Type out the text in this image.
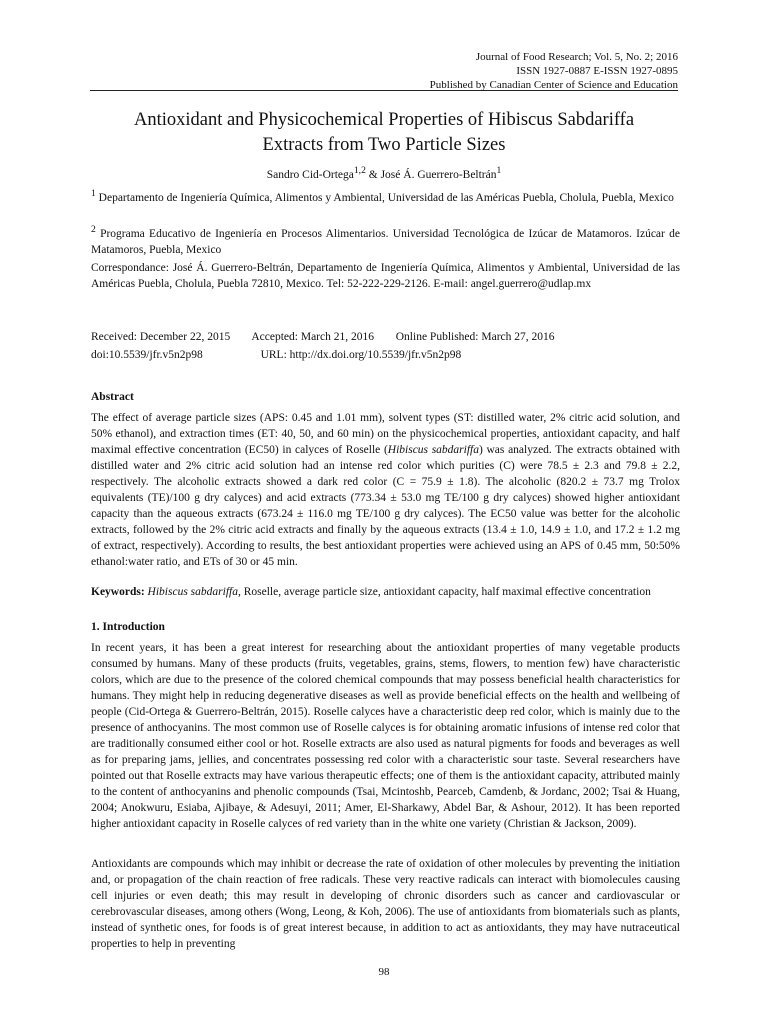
Journal of Food Research; Vol. 5, No. 2; 2016
ISSN 1927-0887 E-ISSN 1927-0895
Published by Canadian Center of Science and Education
Antioxidant and Physicochemical Properties of Hibiscus Sabdariffa
Extracts from Two Particle Sizes
Sandro Cid-Ortega$^{1,2}$ & José Á. Guerrero-Beltrán$^1$

$^1$ Departamento de Ingeniería Química, Alimentos y Ambiental, Universidad de las Américas Puebla, Cholula, Puebla, Mexico

$^2$ Programa Educativo de Ingeniería en Procesos Alimentarios. Universidad Tecnológica de Izúcar de Matamoros. Izúcar de Matamoros, Puebla, Mexico

Correspondance: José Á. Guerrero-Beltrán, Departamento de Ingeniería Química, Alimentos y Ambiental, Universidad de las Américas Puebla, Cholula, Puebla 72810, Mexico. Tel: 52-222-229-2126. E-mail: angel.guerrero@udlap.mx

Received: December 22, 2015 Accepted: March 21, 2016 Online Published: March 27, 2016
doi:10.5539/jfr.v5n2p98	URL: http://dx.doi.org/10.5539/jfr.v5n2p98
Abstract

The effect of average particle sizes (APS: 0.45 and 1.01 mm), solvent types (ST: distilled water, 2% citric acid solution, and 50% ethanol), and extraction times (ET: 40, 50, and 60 min) on the physicochemical properties, antioxidant capacity, and half maximal effective concentration (EC50) in calyces of Roselle (Hibiscus sabdariffa) was analyzed. The extracts obtained with distilled water and 2% citric acid solution had an intense red color which purities (C) were 78.5 ± 2.3 and 79.8 ± 2.2, respectively. The alcoholic extracts showed a dark red color (C = 75.9 ± 1.8). The alcoholic (820.2 ± 73.7 mg Trolox equivalents (TE)/100 g dry calyces) and acid extracts (773.34 ± 53.0 mg TE/100 g dry calyces) showed higher antioxidant capacity than the aqueous extracts (673.24 ± 116.0 mg TE/100 g dry calyces). The EC50 value was better for the alcoholic extracts, followed by the 2% citric acid extracts and finally by the aqueous extracts (13.4 ± 1.0, 14.9 ± 1.0, and 17.2 ± 1.2 mg of extract, respectively). According to results, the best antioxidant properties were achieved using an APS of 0.45 mm, 50:50% ethanol:water ratio, and ETs of 30 or 45 min.

Keywords: Hibiscus sabdariffa, Roselle, average particle size, antioxidant capacity, half maximal effective concentration

1. Introduction

In recent years, it has been a great interest for researching about the antioxidant properties of many vegetable products consumed by humans. Many of these products (fruits, vegetables, grains, stems, flowers, to mention few) have characteristic colors, which are due to the presence of the colored chemical compounds that may possess beneficial health characteristics for humans. They might help in reducing degenerative diseases as well as provide beneficial effects on the health and wellbeing of people (Cid-Ortega & Guerrero-Beltrán, 2015). Roselle calyces have a characteristic deep red color, which is mainly due to the presence of anthocyanins. The most common use of Roselle calyces is for obtaining aromatic infusions of intense red color that are traditionally consumed either cool or hot. Roselle extracts are also used as natural pigments for foods and beverages as well as for preparing jams, jellies, and concentrates possessing red color with a characteristic sour taste. Several researchers have pointed out that Roselle extracts may have various therapeutic effects; one of them is the antioxidant capacity, attributed mainly to the content of anthocyanins and phenolic compounds (Tsai, Mcintoshb, Pearceb, Camdenb, & Jordanc, 2002; Tsai & Huang, 2004; Anokwuru, Esiaba, Ajibaye, & Adesuyi, 2011; Amer, El-Sharkawy, Abdel Bar, & Ashour, 2012). It has been reported higher antioxidant capacity in Roselle calyces of red variety than in the white one variety (Christian & Jackson, 2009).

Antioxidants are compounds which may inhibit or decrease the rate of oxidation of other molecules by preventing the initiation and, or propagation of the chain reaction of free radicals. These very reactive radicals can interact with biomolecules causing cell injuries or even death; this may result in developing of chronic disorders such as cancer and cardiovascular or cerebrovascular diseases, among others (Wong, Leong, & Koh, 2006). The use of antioxidants from biomaterials such as plants, instead of synthetic ones, for foods is of great interest because, in addition to act as antioxidants, they may have nutraceutical properties to help in preventing

98
